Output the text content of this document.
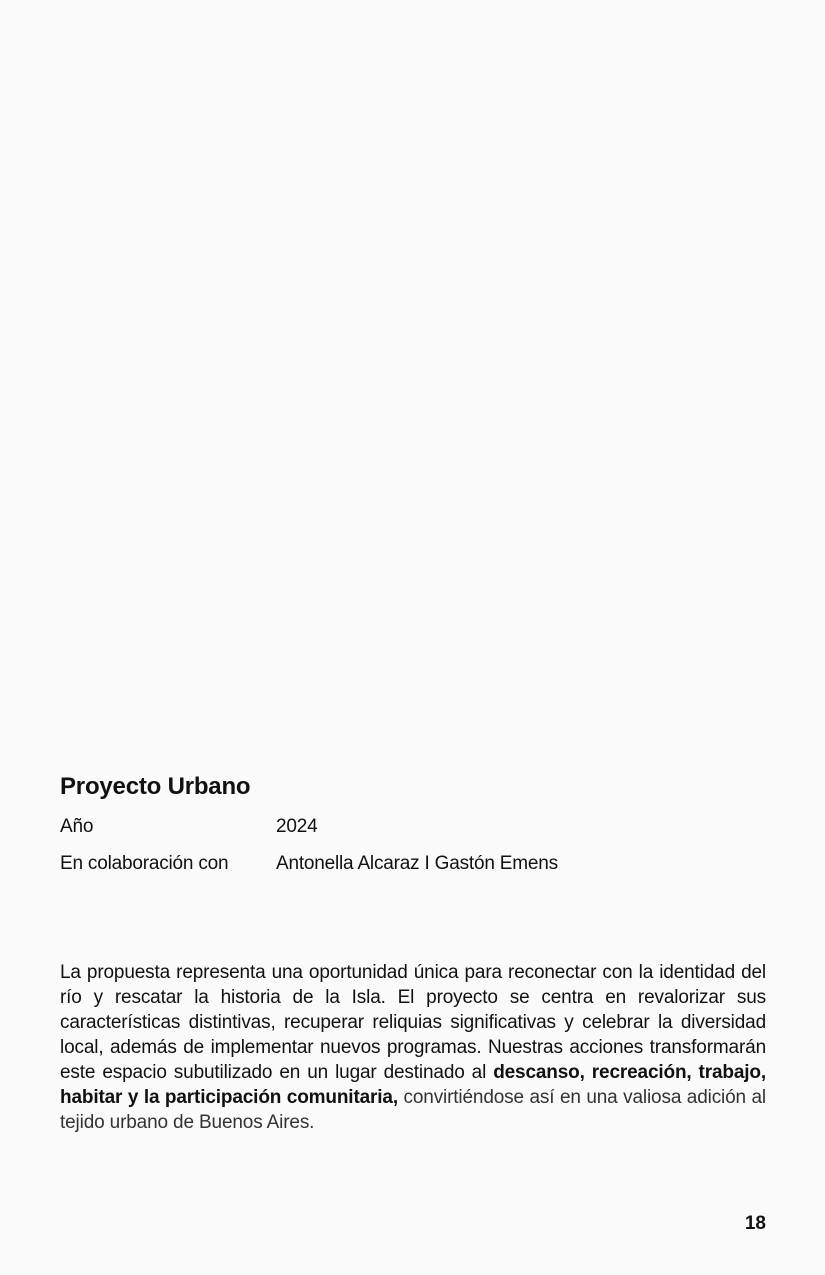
Proyecto Urbano
Año	2024
En colaboración con	Antonella Alcaraz I Gastón Emens

La propuesta representa una oportunidad única para reconectar con la identidad del río y rescatar la historia de la Isla. El proyecto se centra en revalorizar sus características distintivas, recuperar reliquias significativas y celebrar la diversidad local, además de implementar nuevos programas. Nuestras acciones transformarán este espacio subutilizado en un lugar destinado al descanso, recreación, trabajo, habitar y la participación comunitaria, convirtiéndose así en una valiosa adición al tejido urbano de Buenos Aires.

18
